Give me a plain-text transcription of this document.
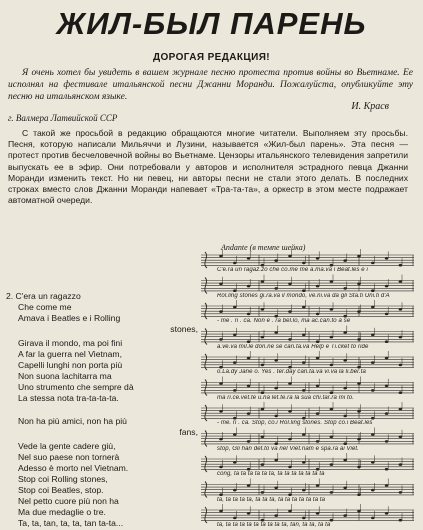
ЖИЛ-БЫЛ ПАРЕНЬ
ДОРОГАЯ РЕДАКЦИЯ!
Я очень хотел бы увидеть в вашем журнале песню протеста против войны во Вьетнаме. Ее исполнял на фестивале итальянской песни Джанни Моранди. Пожалуйста, опубликуйте эту песню на итальянском языке.
И. Красв
г. Валмера Латвийской ССР
С такой же просьбой в редакцию обращаются многие читатели. Выполняем эту просьбы. Песня, которую написали Мильяччи и Лузини, называется «Жил-был парень». Эта песня — протест против бесчеловечной войны во Вьетнаме. Цензоры итальянского телевидения запретили выпускать ее в эфир. Они потребовали у авторов и исполнителя эстрадного певца Джанни Моранди изменить текст. Но ни певец, ни авторы песни не стали этого делать. В последних строках вместо слов Джанни Моранди напевает «Тра-та-та», а оркестр в этом месте подражает автоматной очереди.
2. C'era un ragazzo
Che come me
Amava i Beatles e i Rolling
stones,
Girava il mondo, ma poi fini
A far la guerra nel Vietnam,
Capelli lunghi non porta più
Non suona lachitarra ma
Uno strumento che sempre dà
La stessa nota tra-ta-ta-ta.
Non ha più amici, non ha più
fans,
Vede la gente cadere giù,
Nel suo paese non tornerà
Adesso è morto nel Vietnam.
Stop coi Rolling stones,
Stop coi Beatles, stop.
Nel petto cuore più non ha
Ma due medaglie o tre.
Ta, ta, tan, ta, ta, tan ta-ta...
Andante (в темпе шейка)
C'e.ra un ragaz.zo che co.me me a.ma.va i Beat.les e i
Rol.ling stones gi.ra.va il mondo, ve.ni.va da gli Sta.ti Uni.ti d'A
- me . ri . ca. Non e . ra bel.lo, ma ac.can.to a se
a.ve.va mil.le don.ne se can.ta.va Help e Ti.cket to ride
o.La.dy Jane o. Yes . ter.day can.ta.va vi.va la li.ber.ta
ma ri.ce.vet.te u.na let.te.ra la sua chi.tar.ra mi to.
- me. ri . ca. Stop, co.i Rol.ling stones. Stop co.i Beat.les
stop, Gli han det.to va nel Viet.nam e spa.ra ai Viet.
cong, ta ta ta ta ta ta, ta ta ta ta ta ta ta
ta, ta ta ta ta, ta ta ta, ta ta ta ta ta ta ta
ta, ta ta ta ta ta ta ta ta ta, tan, ta ta, ta ta
